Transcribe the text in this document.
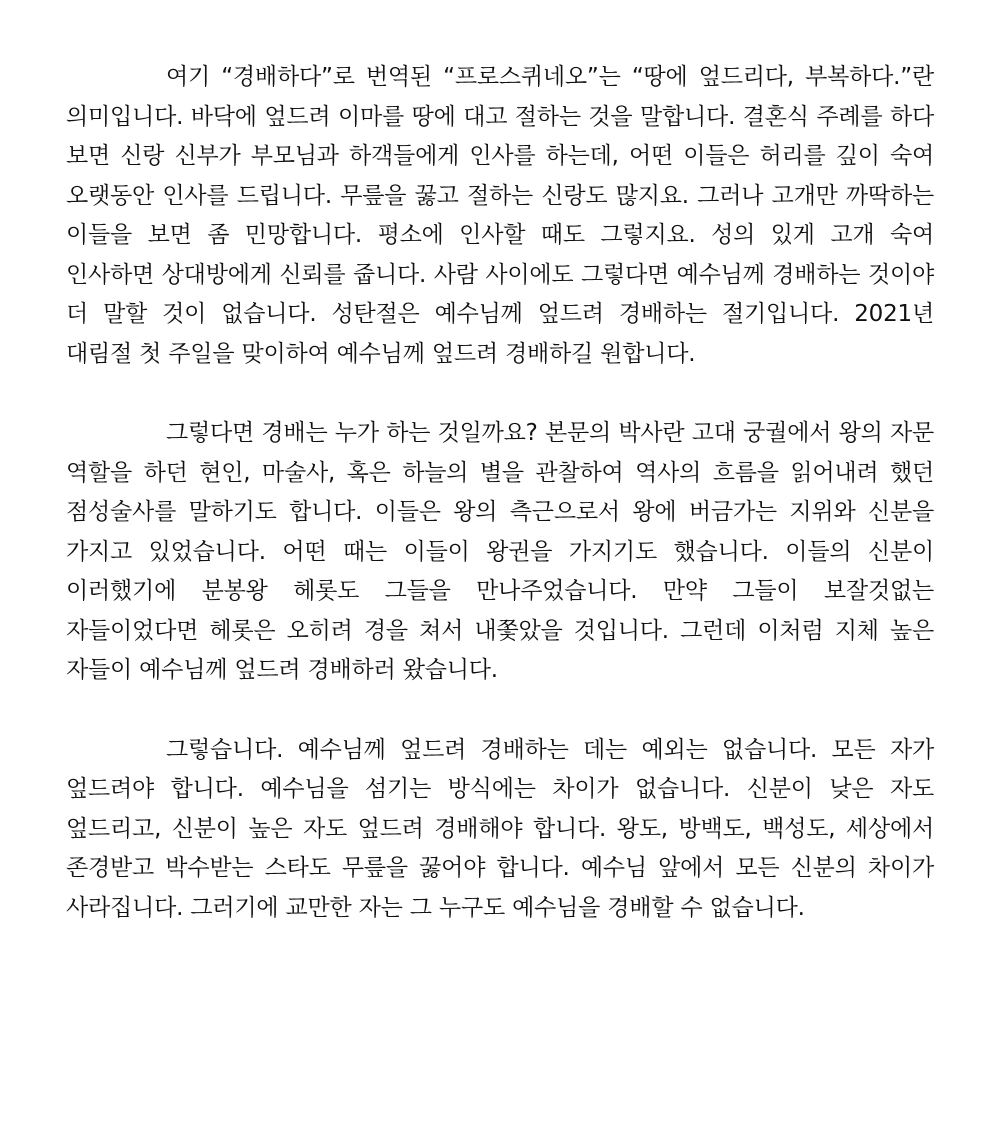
여기 “경배하다”로 번역된 “프로스퀴네오”는 “땅에 엎드리다, 부복하다.”란 의미입니다. 바닥에 엎드려 이마를 땅에 대고 절하는 것을 말합니다. 결혼식 주례를 하다 보면 신랑 신부가 부모님과 하객들에게 인사를 하는데, 어떤 이들은 허리를 깊이 숙여 오랫동안 인사를 드립니다. 무릎을 꿇고 절하는 신랑도 많지요. 그러나 고개만 까딱하는 이들을 보면 좀 민망합니다. 평소에 인사할 때도 그렇지요. 성의 있게 고개 숙여 인사하면 상대방에게 신뢰를 줍니다. 사람 사이에도 그렇다면 예수님께 경배하는 것이야 더 말할 것이 없습니다. 성탄절은 예수님께 엎드려 경배하는 절기입니다. 2021년 대림절 첫 주일을 맞이하여 예수님께 엎드려 경배하길 원합니다.

그렇다면 경배는 누가 하는 것일까요? 본문의 박사란 고대 궁궐에서 왕의 자문 역할을 하던 현인, 마술사, 혹은 하늘의 별을 관찰하여 역사의 흐름을 읽어내려 했던 점성술사를 말하기도 합니다. 이들은 왕의 측근으로서 왕에 버금가는 지위와 신분을 가지고 있었습니다. 어떤 때는 이들이 왕권을 가지기도 했습니다. 이들의 신분이 이러했기에 분봉왕 헤롯도 그들을 만나주었습니다. 만약 그들이 보잘것없는 자들이었다면 헤롯은 오히려 경을 쳐서 내쫓았을 것입니다. 그런데 이처럼 지체 높은 자들이 예수님께 엎드려 경배하러 왔습니다.

그렇습니다. 예수님께 엎드려 경배하는 데는 예외는 없습니다. 모든 자가 엎드려야 합니다. 예수님을 섬기는 방식에는 차이가 없습니다. 신분이 낮은 자도 엎드리고, 신분이 높은 자도 엎드려 경배해야 합니다. 왕도, 방백도, 백성도, 세상에서 존경받고 박수받는 스타도 무릎을 꿇어야 합니다. 예수님 앞에서 모든 신분의 차이가 사라집니다. 그러기에 교만한 자는 그 누구도 예수님을 경배할 수 없습니다.
